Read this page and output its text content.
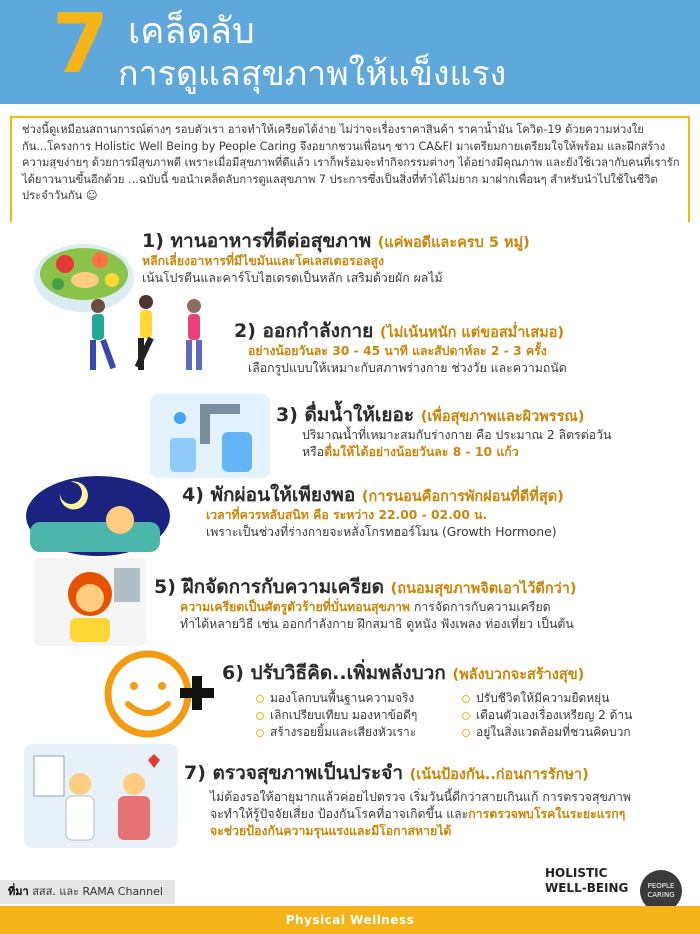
7 เคล็ดลับ
การดูแลสุขภาพให้แข็งแรง

ช่วงนี้ดูเหมือนสถานการณ์ต่างๆ รอบตัวเรา อาจทำให้เครียดได้ง่าย ไม่ว่าจะเรื่องราคาสินค้า ราคาน้ำมัน โควิด-19 ด้วยความห่วงใยกัน...โครงการ Holistic Well Being by People Caring จึงอยากชวนเพื่อนๆ ชาว CA&FI มาเตรียมกายเตรียมใจให้พร้อม และฝึกสร้างความสุขง่ายๆ ด้วยการมีสุขภาพดี เพราะเมื่อมีสุขภาพที่ดีแล้ว เราก็พร้อมจะทำกิจกรรมต่างๆ ได้อย่างมีคุณภาพ และยังใช้เวลากับคนที่เรารักได้ยาวนานขึ้นอีกด้วย ...ฉบับนี้ ขอนำเคล็ดลับการดูแลสุขภาพ 7 ประการซึ่งเป็นสิ่งที่ทำได้ไม่ยาก มาฝากเพื่อนๆ สำหรับนำไปใช้ในชีวิตประจำวันกัน ☺

1) ทานอาหารที่ดีต่อสุขภาพ (แค่พอดีและครบ 5 หมู่)
หลีกเลี่ยงอาหารที่มีไขมันและโคเลสเตอรอลสูง
เน้นโปรตีนและคาร์โบไฮเดรตเป็นหลัก เสริมด้วยผัก ผลไม้
2) ออกกำลังกาย (ไม่เน้นหนัก แต่ขอสม่ำเสมอ)
อย่างน้อยวันละ 30 - 45 นาที และสัปดาห์ละ 2 - 3 ครั้ง
เลือกรูปแบบให้เหมาะกับสภาพร่างกาย ช่วงวัย และความถนัด
3) ดื่มน้ำให้เยอะ (เพื่อสุขภาพและผิวพรรณ)
ปริมาณน้ำที่เหมาะสมกับร่างกาย คือ ประมาณ 2 ลิตรต่อวัน
หรือดื่มให้ได้อย่างน้อยวันละ 8 - 10 แก้ว
z
4) พักผ่อนให้เพียงพอ (การนอนคือการพักผ่อนที่ดีที่สุด)
เวลาที่ควรหลับสนิท คือ ระหว่าง 22.00 - 02.00 น.
เพราะเป็นช่วงที่ร่างกายจะหลั่งโกรทฮอร์โมน (Growth Hormone)
5) ฝึกจัดการกับความเครียด (ถนอมสุขภาพจิตเอาไว้ดีกว่า)
ความเครียดเป็นศัตรูตัวร้ายที่บั่นทอนสุขภาพ การจัดการกับความเครียด
ทำได้หลายวิธี เช่น ออกกำลังกาย ฝึกสมาธิ ดูหนัง ฟังเพลง ท่องเที่ยว เป็นต้น
6) ปรับวิธีคิด..เพิ่มพลังบวก (พลังบวกจะสร้างสุข)
มองโลกบนพื้นฐานความจริง
เลิกเปรียบเทียบ มองหาข้อดีๆ
สร้างรอยยิ้มและเสียงหัวเราะ
ปรับชีวิตให้มีความยืดหยุ่น
เตือนตัวเองเรื่องเหรียญ 2 ด้าน
อยู่ในสิ่งแวดล้อมที่ชวนคิดบวก
7) ตรวจสุขภาพเป็นประจำ (เน้นป้องกัน..ก่อนการรักษา)
ไม่ต้องรอให้อายุมากแล้วค่อยไปตรวจ เริ่มวันนี้ดีกว่าสายเกินแก้ การตรวจสุขภาพ
จะทำให้รู้ปัจจัยเสี่ยง ป้องกันโรคที่อาจเกิดขึ้น และการตรวจพบโรคในระยะแรกๆ
จะช่วยป้องกันความรุนแรงและมีโอกาสหายได้
HOLISTIC
WELL-BEING	PEOPLE
CARING
ที่มา สสส. และ RAMA Channel
Physical Wellness
